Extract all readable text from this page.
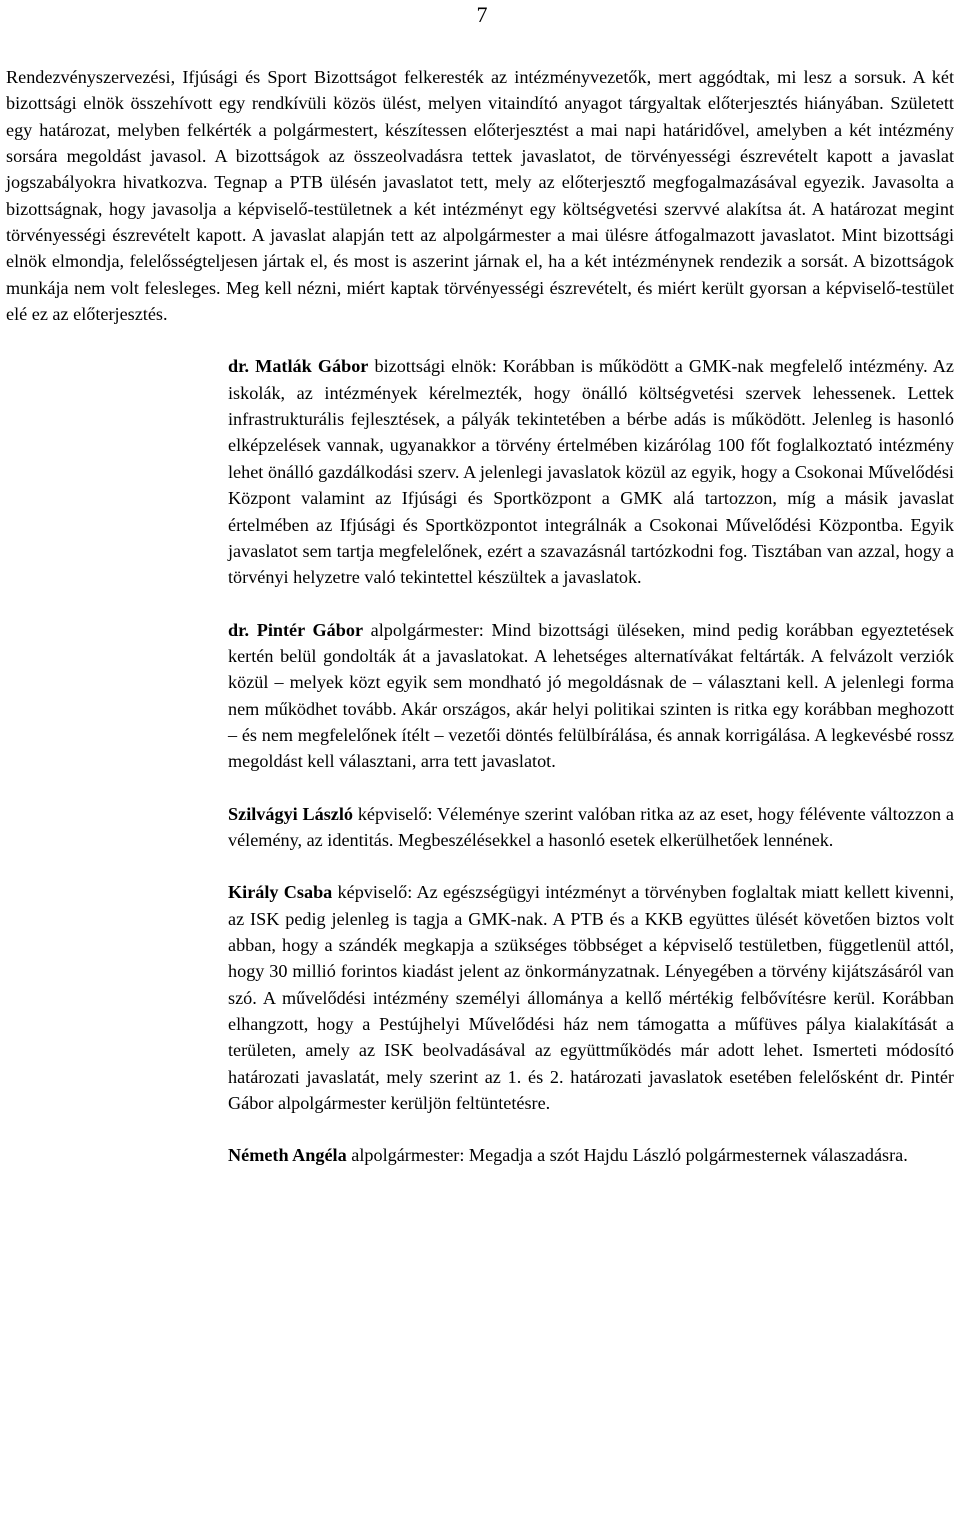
7

Rendezvényszervezési, Ifjúsági és Sport Bizottságot felkeresték az intézményvezetők, mert aggódtak, mi lesz a sorsuk. A két bizottsági elnök összehívott egy rendkívüli közös ülést, melyen vitaindító anyagot tárgyaltak előterjesztés hiányában. Született egy határozat, melyben felkérték a polgármestert, készítessen előterjesztést a mai napi határidővel, amelyben a két intézmény sorsára megoldást javasol. A bizottságok az összeolvadásra tettek javaslatot, de törvényességi észrevételt kapott a javaslat jogszabályokra hivatkozva. Tegnap a PTB ülésén javaslatot tett, mely az előterjesztő megfogalmazásával egyezik. Javasolta a bizottságnak, hogy javasolja a képviselő-testületnek a két intézményt egy költségvetési szervvé alakítsa át. A határozat megint törvényességi észrevételt kapott. A javaslat alapján tett az alpolgármester a mai ülésre átfogalmazott javaslatot. Mint bizottsági elnök elmondja, felelősségteljesen jártak el, és most is aszerint járnak el, ha a két intézménynek rendezik a sorsát. A bizottságok munkája nem volt felesleges. Meg kell nézni, miért kaptak törvényességi észrevételt, és miért került gyorsan a képviselő-testület elé ez az előterjesztés.

dr. Matlák Gábor bizottsági elnök: Korábban is működött a GMK-nak megfelelő intézmény. Az iskolák, az intézmények kérelmezték, hogy önálló költségvetési szervek lehessenek. Lettek infrastrukturális fejlesztések, a pályák tekintetében a bérbe adás is működött. Jelenleg is hasonló elképzelések vannak, ugyanakkor a törvény értelmében kizárólag 100 főt foglalkoztató intézmény lehet önálló gazdálkodási szerv. A jelenlegi javaslatok közül az egyik, hogy a Csokonai Művelődési Központ valamint az Ifjúsági és Sportközpont a GMK alá tartozzon, míg a másik javaslat értelmében az Ifjúsági és Sportközpontot integrálnák a Csokonai Művelődési Központba. Egyik javaslatot sem tartja megfelelőnek, ezért a szavazásnál tartózkodni fog. Tisztában van azzal, hogy a törvényi helyzetre való tekintettel készültek a javaslatok.

dr. Pintér Gábor alpolgármester: Mind bizottsági üléseken, mind pedig korábban egyeztetések kertén belül gondolták át a javaslatokat. A lehetséges alternatívákat feltárták. A felvázolt verziók közül – melyek közt egyik sem mondható jó megoldásnak de – választani kell. A jelenlegi forma nem működhet tovább. Akár országos, akár helyi politikai szinten is ritka egy korábban meghozott – és nem megfelelőnek ítélt – vezetői döntés felülbírálása, és annak korrigálása. A legkevésbé rossz megoldást kell választani, arra tett javaslatot.

Szilvágyi László képviselő: Véleménye szerint valóban ritka az az eset, hogy félévente változzon a vélemény, az identitás. Megbeszélésekkel a hasonló esetek elkerülhetőek lennének.

Király Csaba képviselő: Az egészségügyi intézményt a törvényben foglaltak miatt kellett kivenni, az ISK pedig jelenleg is tagja a GMK-nak. A PTB és a KKB együttes ülését követően biztos volt abban, hogy a szándék megkapja a szükséges többséget a képviselő testületben, függetlenül attól, hogy 30 millió forintos kiadást jelent az önkormányzatnak. Lényegében a törvény kijátszásáról van szó. A művelődési intézmény személyi állománya a kellő mértékig felbővítésre kerül. Korábban elhangzott, hogy a Pestújhelyi Művelődési ház nem támogatta a műfüves pálya kialakítását a területen, amely az ISK beolvadásával az együttműködés már adott lehet. Ismerteti módosító határozati javaslatát, mely szerint az 1. és 2. határozati javaslatok esetében felelősként dr. Pintér Gábor alpolgármester kerüljön feltüntetésre.

Németh Angéla alpolgármester: Megadja a szót Hajdu László polgármesternek válaszadásra.
